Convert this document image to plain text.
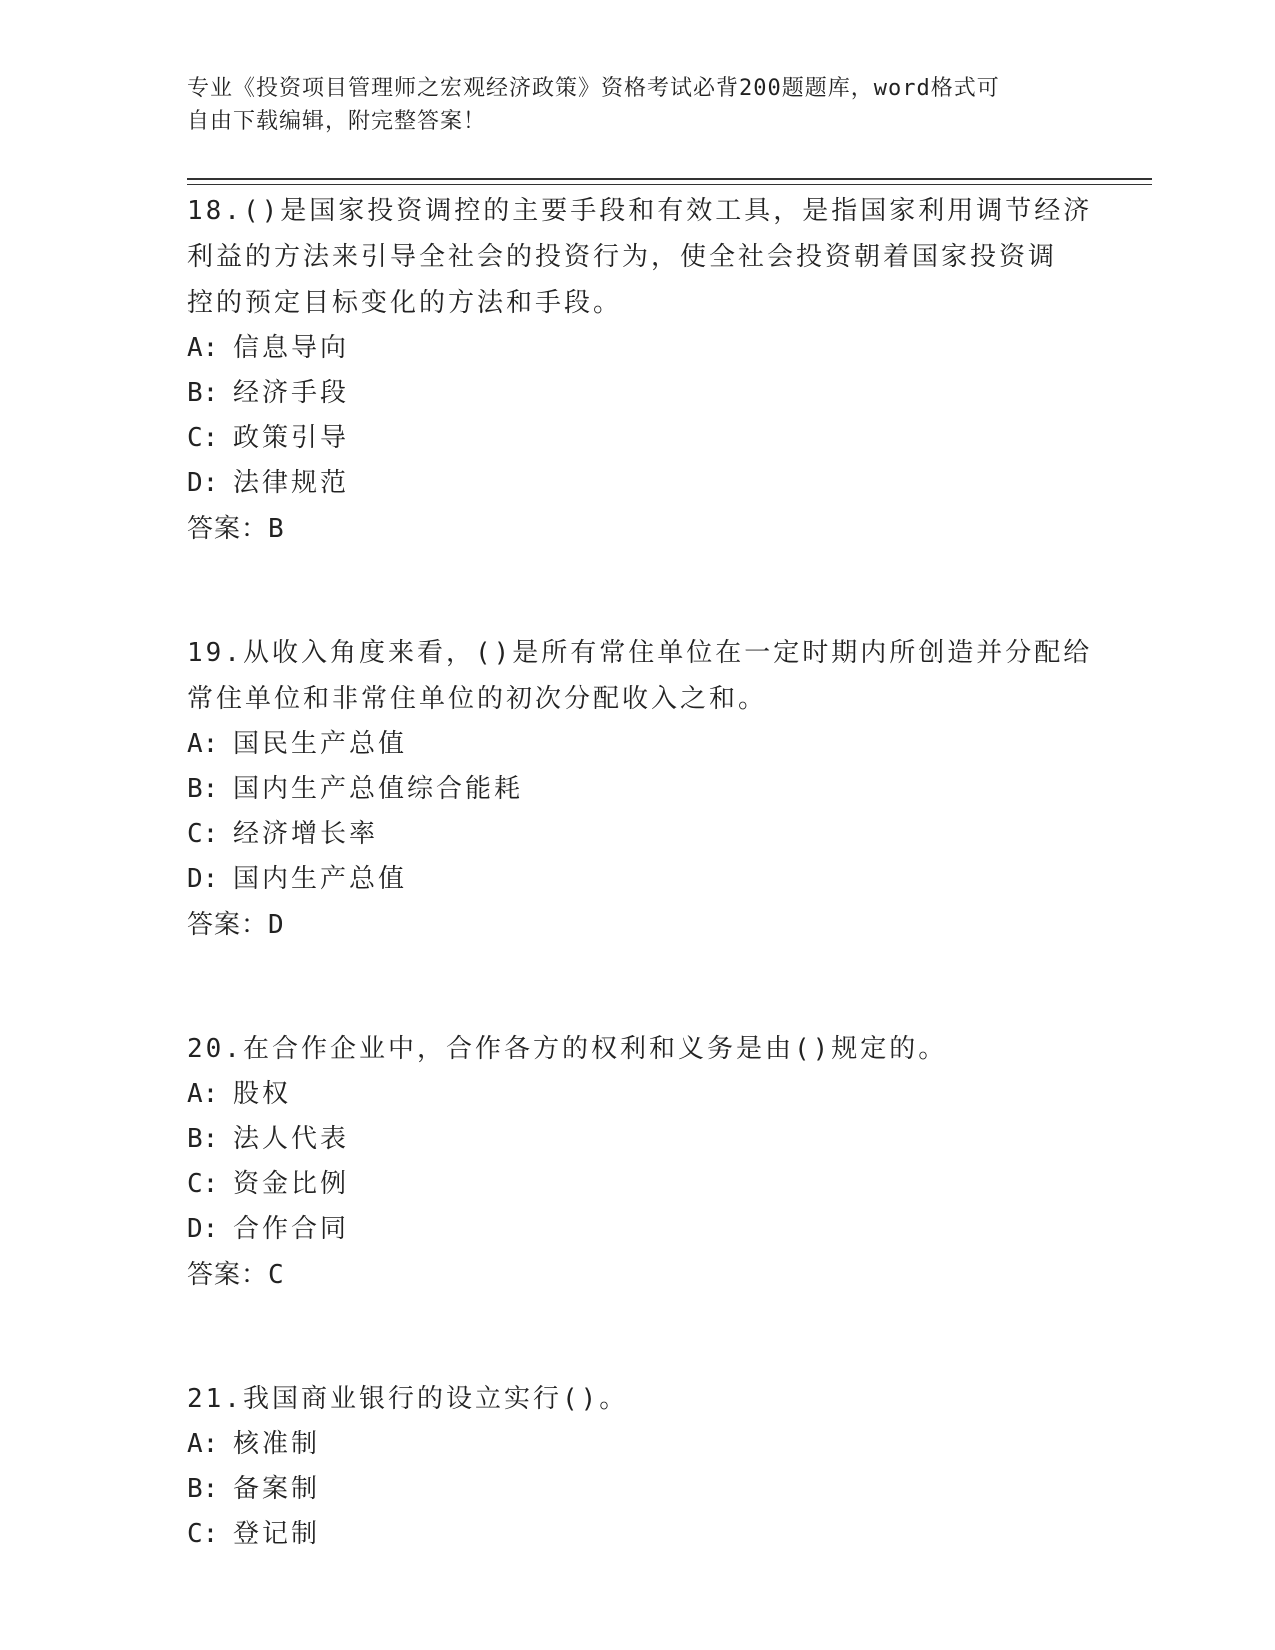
专业《投资项目管理师之宏观经济政策》资格考试必背200题题库，word格式可
自由下载编辑，附完整答案！
18.()是国家投资调控的主要手段和有效工具，是指国家利用调节经济
利益的方法来引导全社会的投资行为，使全社会投资朝着国家投资调
控的预定目标变化的方法和手段。
A: 信息导向
B: 经济手段
C: 政策引导
D: 法律规范
答案：B
19.从收入角度来看，()是所有常住单位在一定时期内所创造并分配给
常住单位和非常住单位的初次分配收入之和。
A: 国民生产总值
B: 国内生产总值综合能耗
C: 经济增长率
D: 国内生产总值
答案：D
20.在合作企业中，合作各方的权利和义务是由()规定的。
A: 股权
B: 法人代表
C: 资金比例
D: 合作合同
答案：C
21.我国商业银行的设立实行()。
A: 核准制
B: 备案制
C: 登记制
